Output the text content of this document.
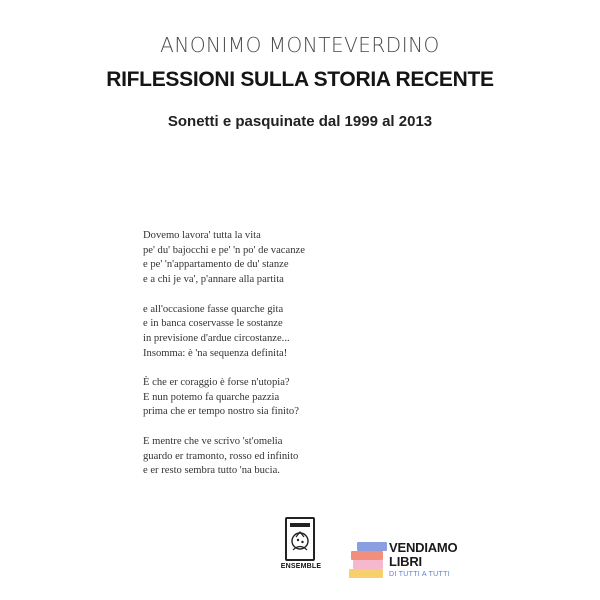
ANONIMO MONTEVERDINO
RIFLESSIONI SULLA STORIA RECENTE
Sonetti e pasquinate dal 1999 al 2013
Dovemo lavora' tutta la vita
pe' du' bajocchi e pe' 'n po' de vacanze
e pe' 'n'appartamento de du' stanze
e a chi je va', p'annare alla partita
e all'occasione fasse quarche gita
e in banca coservasse le sostanze
in previsione d'ardue circostanze...
Insomma: è 'na sequenza definita!
È che er coraggio è forse n'utopia?
E nun potemo fa quarche pazzia
prima che er tempo nostro sia finito?
E mentre che ve scrivo 'st'omelia
guardo er tramonto, rosso ed infinito
e er resto sembra tutto 'na bucia.
ENSEMBLE
VENDIAMO
LIBRI
DI TUTTI A TUTTI
